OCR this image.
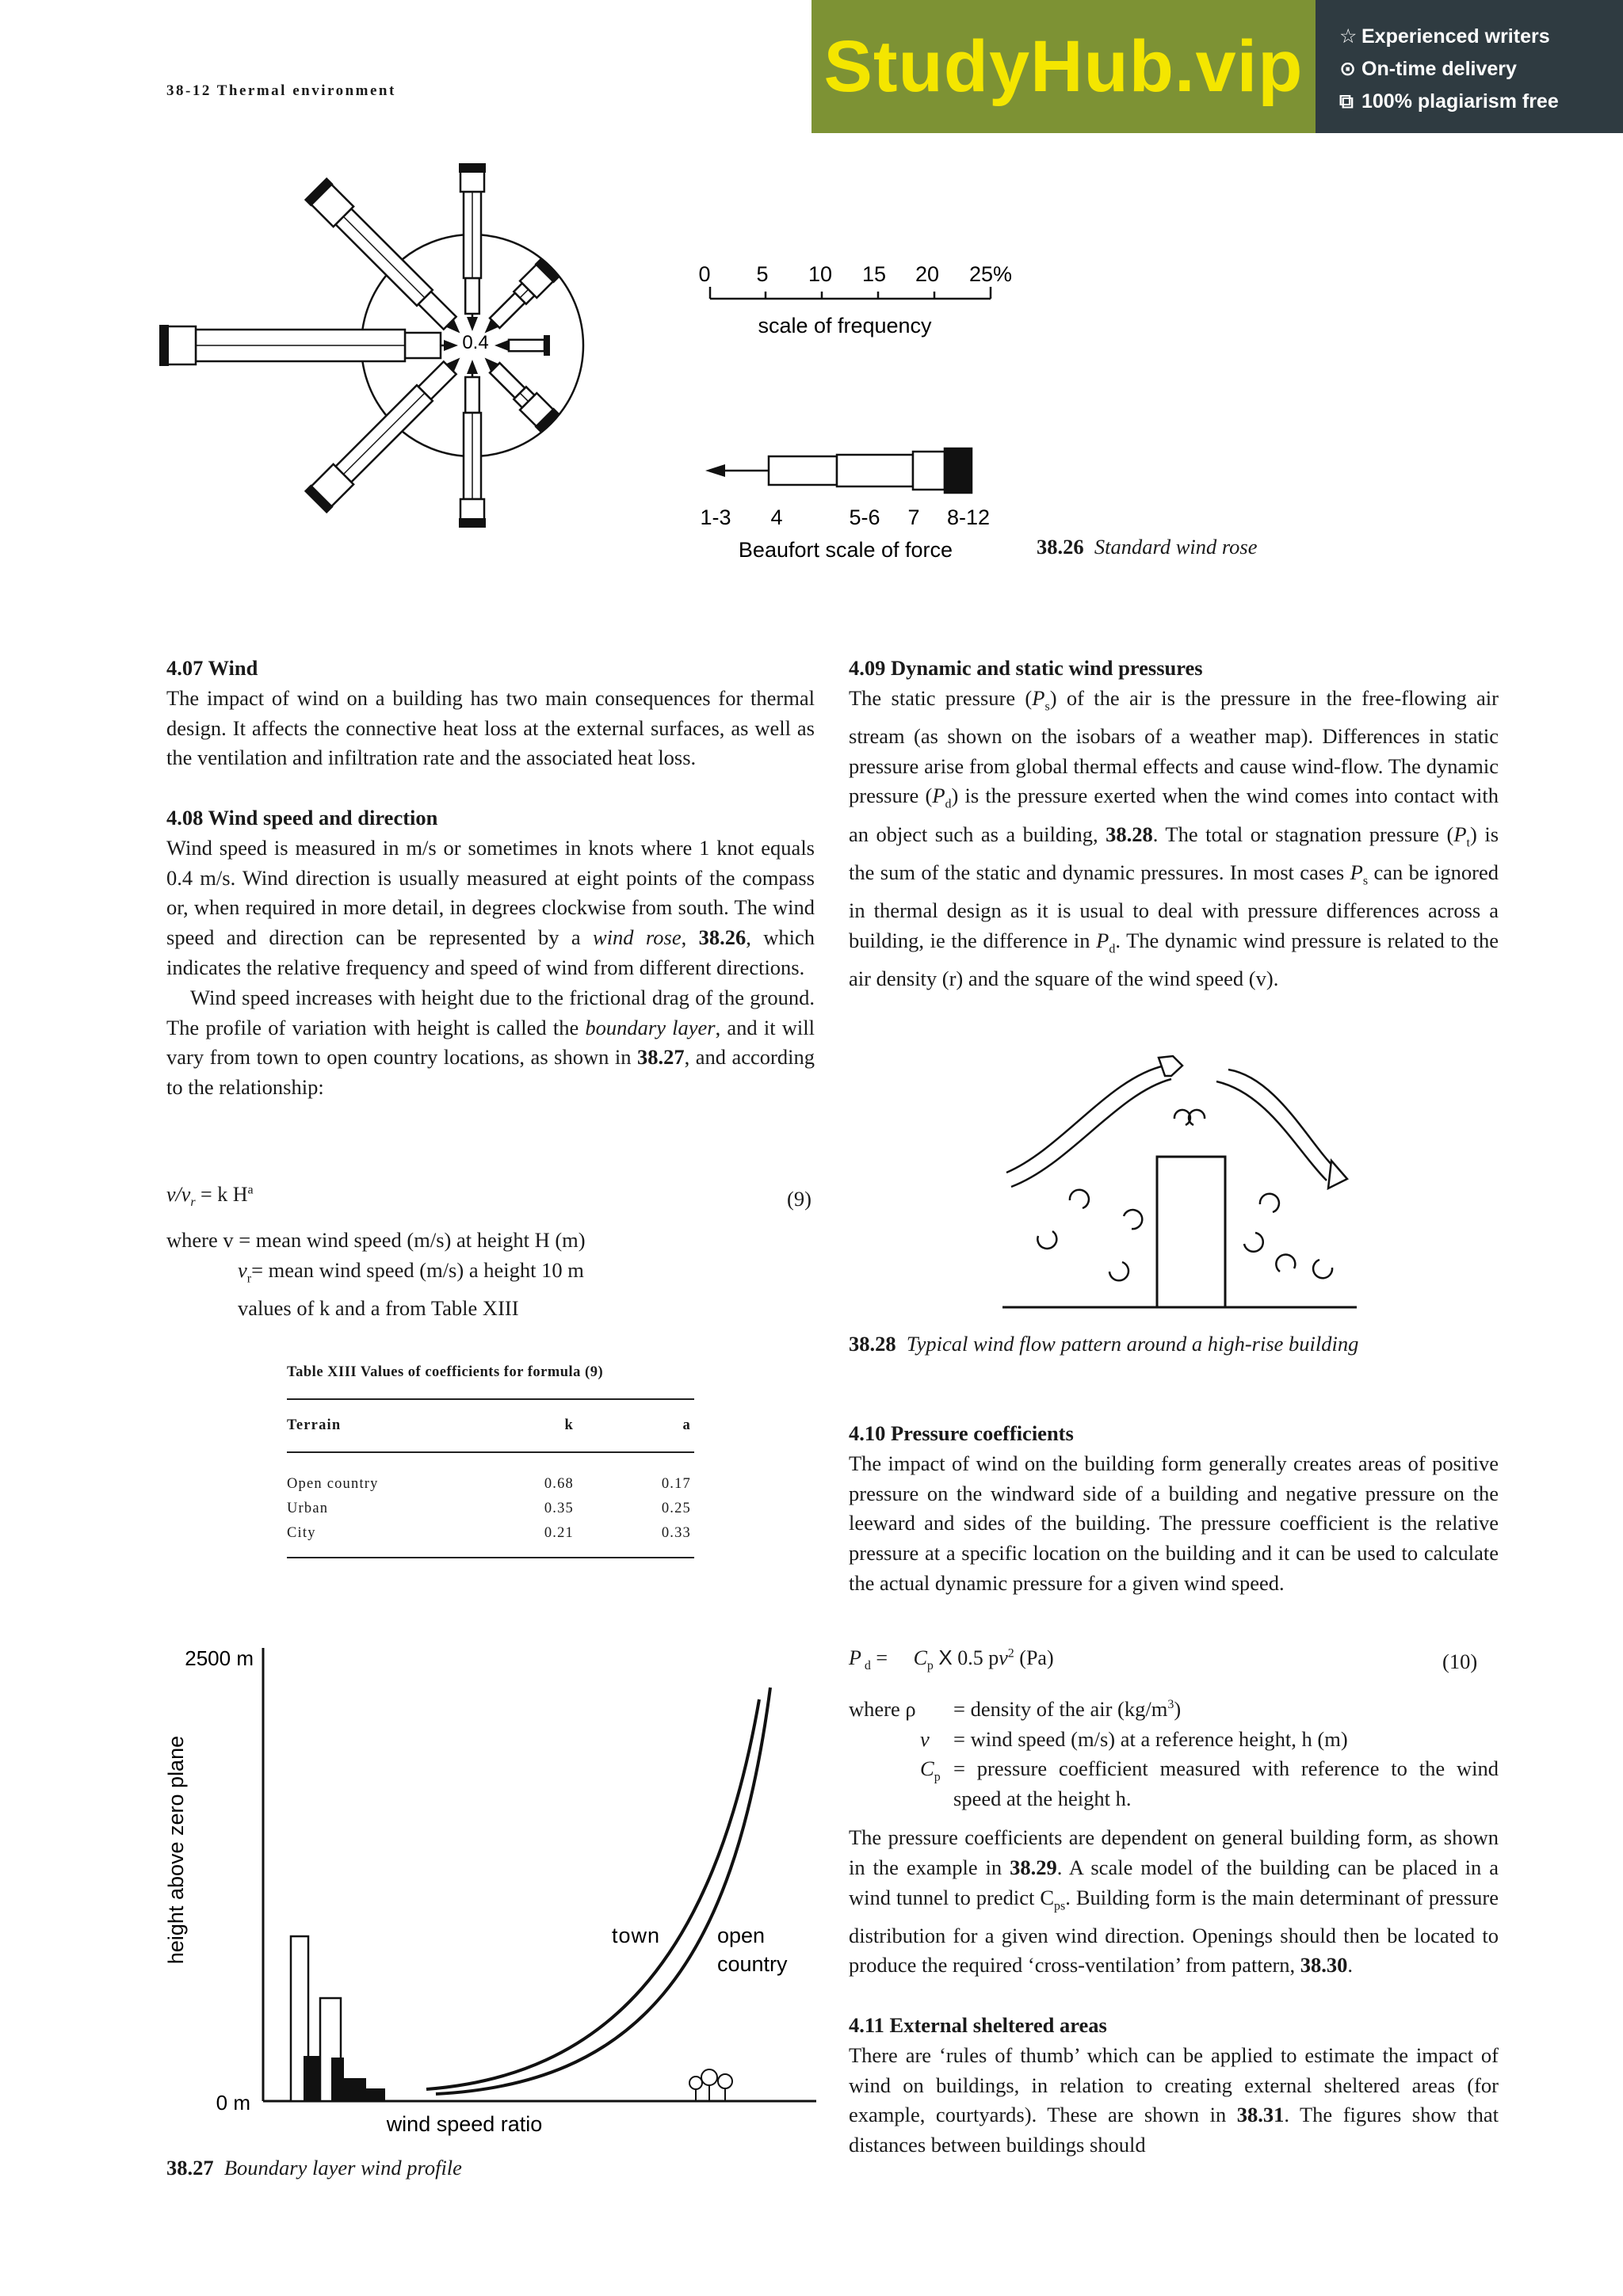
38-12 Thermal environment	StudyHub.vip ☆ Experienced writers
⊙ On-time delivery
⧉ 100% plagiarism free
0.4
0 5 10 15 20 25%
scale of frequency
1-3 4	5-6 7 8-12
Beaufort scale of force	38.26 Standard wind rose

4.07 Wind

The impact of wind on a building has two main consequences for thermal design. It affects the connective heat loss at the external surfaces, as well as the ventilation and infiltration rate and the associated heat loss.

4.08 Wind speed and direction

Wind speed is measured in m/s or sometimes in knots where 1 knot equals 0.4 m/s. Wind direction is usually measured at eight points of the compass or, when required in more detail, in degrees clockwise from south. The wind speed and direction can be represented by a wind rose, 38.26, which indicates the relative frequency and speed of wind from different directions.

Wind speed increases with height due to the frictional drag of the ground. The profile of variation with height is called the boundary layer, and it will vary from town to open country locations, as shown in 38.27, and according to the relationship:

$v/v_r = k$ $H^a$	(9)
where v = mean wind speed (m/s) at height H (m)
$v_r=$ mean wind speed (m/s) a height 10 m
values of k and a from Table XIII
Table XIII Values of coefficients for formula (9)
Terrain	k	a
Open country	0.68	0.17
Urban	0.35	0.25
City	0.21	0.33
2500 m
0 m
height above zero plane
wind speed ratio
town	open
country
38.27 Boundary layer wind profile

4.09 Dynamic and static wind pressures

The static pressure $(P_s)$ of the air is the pressure in the free-flowing air stream (as shown on the isobars of a weather map). Differences in static pressure arise from global thermal effects and cause wind-flow. The dynamic pressure $(P_d)$ is the pressure exerted when the wind comes into contact with an object such as a building, 38.28. The total or stagnation pressure $(P_t)$ is the sum of the static and dynamic pressures. In most cases $P_s$ can be ignored in thermal design as it is usual to deal with pressure differences across a building, ie the difference in $P_d$. The dynamic wind pressure is related to the air density (r) and the square of the wind speed (v).

38.28 Typical wind flow pattern around a high-rise building

4.10 Pressure coefficients

The impact of wind on the building form generally creates areas of positive pressure on the windward side of a building and negative pressure on the leeward and sides of the building. The pressure coefficient is the relative pressure at a specific location on the building and it can be used to calculate the actual dynamic pressure for a given wind speed.

P $_d$ =     $C_p$ X 0.5 $pv^2$ (Pa)	(10)
where ρ = density of the air $(kg/m^3)$
v = wind speed (m/s) at a reference height, h (m)
$C_p$ = pressure coefficient measured with reference to the wind speed at the height h.

The pressure coefficients are dependent on general building form, as shown in the example in 38.29. A scale model of the building can be placed in a wind tunnel to predict $C_{ps}$. Building form is the main determinant of pressure distribution for a given wind direction. Openings should then be located to produce the required ‘cross-ventilation’ from pattern, 38.30.

4.11 External sheltered areas

There are ‘rules of thumb’ which can be applied to estimate the impact of wind on buildings, in relation to creating external sheltered areas (for example, courtyards). These are shown in 38.31. The figures show that distances between buildings should
